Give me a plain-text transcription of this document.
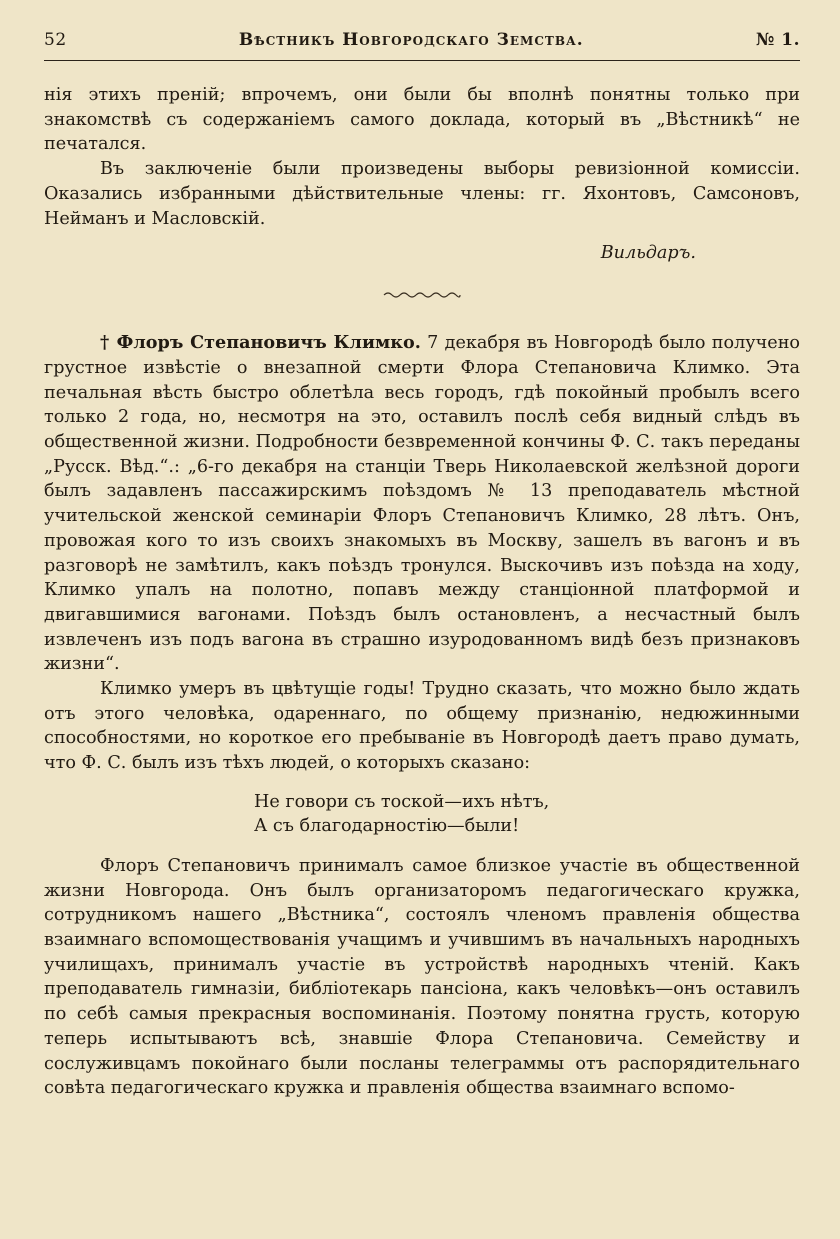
52	Вѣстникъ Новгородскаго Земства.	№ 1.

нія этихъ преній; впрочемъ, они были бы вполнѣ понятны только при знакомствѣ съ содержаніемъ самого доклада, который въ „Вѣстникѣ“ не печатался.

Въ заключеніе были произведены выборы ревизіонной комиссіи. Оказались избранными дѣйствительные члены: гг. Яхонтовъ, Самсоновъ, Нейманъ и Масловскій.

Вильдаръ.

† Флоръ Степановичъ Климко. 7 декабря въ Новгородѣ было получено грустное извѣстіе о внезапной смерти Флора Степановича Климко. Эта печальная вѣсть быстро облетѣла весь городъ, гдѣ покойный пробылъ всего только 2 года, но, несмотря на это, оставилъ послѣ себя видный слѣдъ въ общественной жизни. Подробности безвременной кончины Ф. С. такъ переданы „Русск. Вѣд.“.: „6-го декабря на станціи Тверь Николаевской желѣзной дороги былъ задавленъ пассажирскимъ поѣздомъ № 13 преподаватель мѣстной учительской женской семинаріи Флоръ Степановичъ Климко, 28 лѣтъ. Онъ, провожая кого то изъ своихъ знакомыхъ въ Москву, зашелъ въ вагонъ и въ разговорѣ не замѣтилъ, какъ поѣздъ тронулся. Выскочивъ изъ поѣзда на ходу, Климко упалъ на полотно, попавъ между станціонной платформой и двигавшимися вагонами. Поѣздъ былъ остановленъ, а несчастный былъ извлеченъ изъ подъ вагона въ страшно изуродованномъ видѣ безъ признаковъ жизни“.

Климко умеръ въ цвѣтущіе годы! Трудно сказать, что можно было ждать отъ этого человѣка, одареннаго, по общему признанію, недюжинными способностями, но короткое его пребываніе въ Новгородѣ даетъ право думать, что Ф. С. былъ изъ тѣхъ людей, о которыхъ сказано:

Не говори съ тоской—ихъ нѣтъ,
А съ благодарностію—были!

Флоръ Степановичъ принималъ самое близкое участіе въ общественной жизни Новгорода. Онъ былъ организаторомъ педагогическаго кружка, сотрудникомъ нашего „Вѣстника“, состоялъ членомъ правленія общества взаимнаго вспомоществованія учащимъ и учившимъ въ начальныхъ народныхъ училищахъ, принималъ участіе въ устройствѣ народныхъ чтеній. Какъ преподаватель гимназіи, библіотекарь пансіона, какъ человѣкъ—онъ оставилъ по себѣ самыя прекрасныя воспоминанія. Поэтому понятна грусть, которую теперь испытываютъ всѣ, знавшіе Флора Степановича. Семейству и сослуживцамъ покойнаго были посланы телеграммы отъ распорядительнаго совѣта педагогическаго кружка и правленія общества взаимнаго вспомо-
